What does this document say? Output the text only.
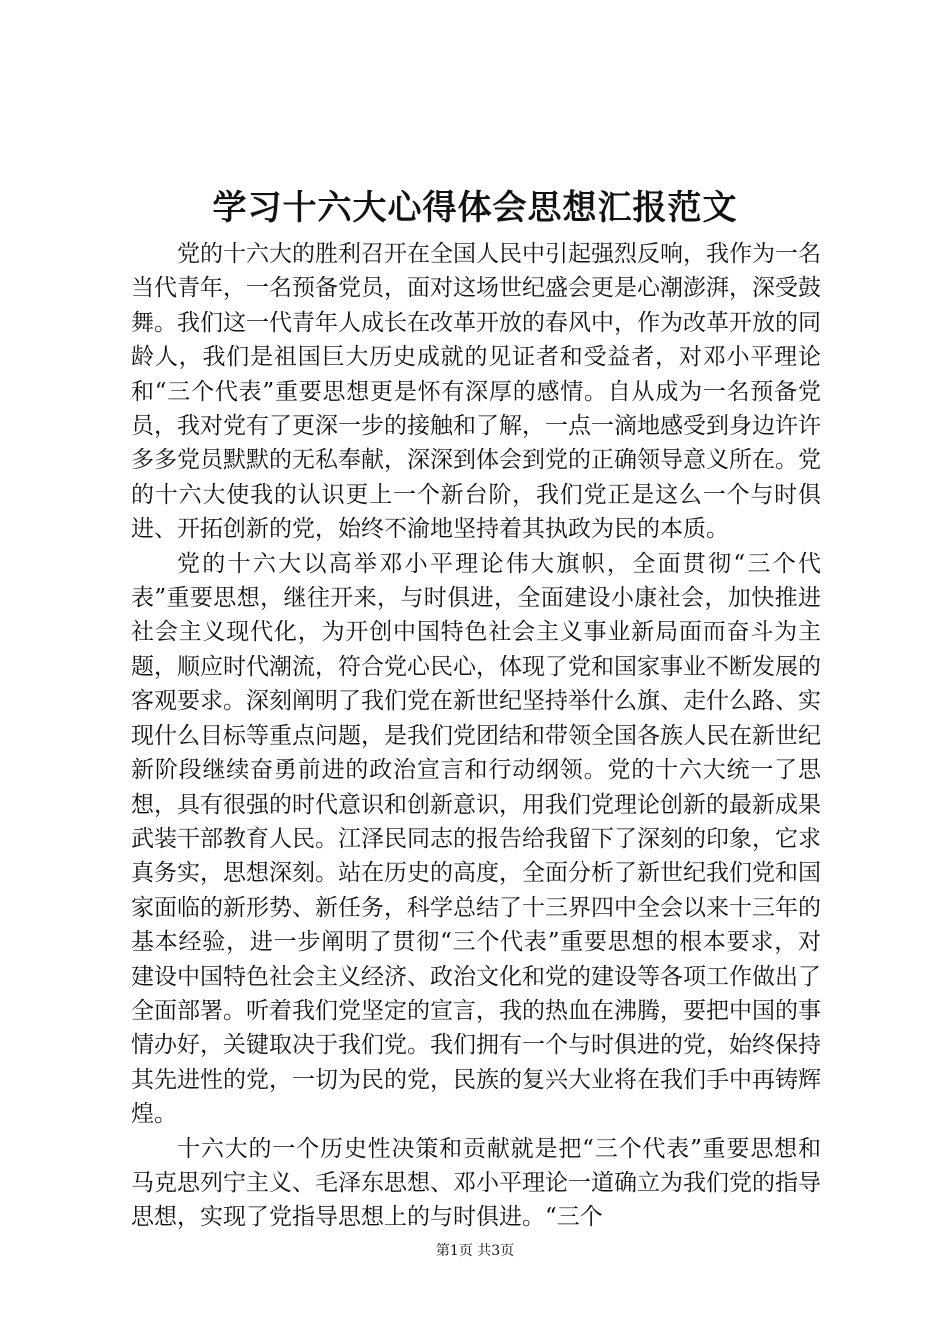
学习十六大心得体会思想汇报范文

党的十六大的胜利召开在全国人民中引起强烈反响，我作为一名当代青年，一名预备党员，面对这场世纪盛会更是心潮澎湃，深受鼓舞。我们这一代青年人成长在改革开放的春风中，作为改革开放的同龄人，我们是祖国巨大历史成就的见证者和受益者，对邓小平理论和“三个代表”重要思想更是怀有深厚的感情。自从成为一名预备党员，我对党有了更深一步的接触和了解，一点一滴地感受到身边许许多多党员默默的无私奉献，深深到体会到党的正确领导意义所在。党的十六大使我的认识更上一个新台阶，我们党正是这么一个与时俱进、开拓创新的党，始终不渝地坚持着其执政为民的本质。

党的十六大以高举邓小平理论伟大旗帜，全面贯彻“三个代表”重要思想，继往开来，与时俱进，全面建设小康社会，加快推进社会主义现代化，为开创中国特色社会主义事业新局面而奋斗为主题，顺应时代潮流，符合党心民心，体现了党和国家事业不断发展的客观要求。深刻阐明了我们党在新世纪坚持举什么旗、走什么路、实现什么目标等重点问题，是我们党团结和带领全国各族人民在新世纪新阶段继续奋勇前进的政治宣言和行动纲领。党的十六大统一了思想，具有很强的时代意识和创新意识，用我们党理论创新的最新成果武装干部教育人民。江泽民同志的报告给我留下了深刻的印象，它求真务实，思想深刻。站在历史的高度，全面分析了新世纪我们党和国家面临的新形势、新任务，科学总结了十三界四中全会以来十三年的基本经验，进一步阐明了贯彻“三个代表”重要思想的根本要求，对建设中国特色社会主义经济、政治文化和党的建设等各项工作做出了全面部署。听着我们党坚定的宣言，我的热血在沸腾，要把中国的事情办好，关键取决于我们党。我们拥有一个与时俱进的党，始终保持其先进性的党，一切为民的党，民族的复兴大业将在我们手中再铸辉煌。

十六大的一个历史性决策和贡献就是把“三个代表”重要思想和马克思列宁主义、毛泽东思想、邓小平理论一道确立为我们党的指导思想，实现了党指导思想上的与时俱进。“三个

第1页 共3页
